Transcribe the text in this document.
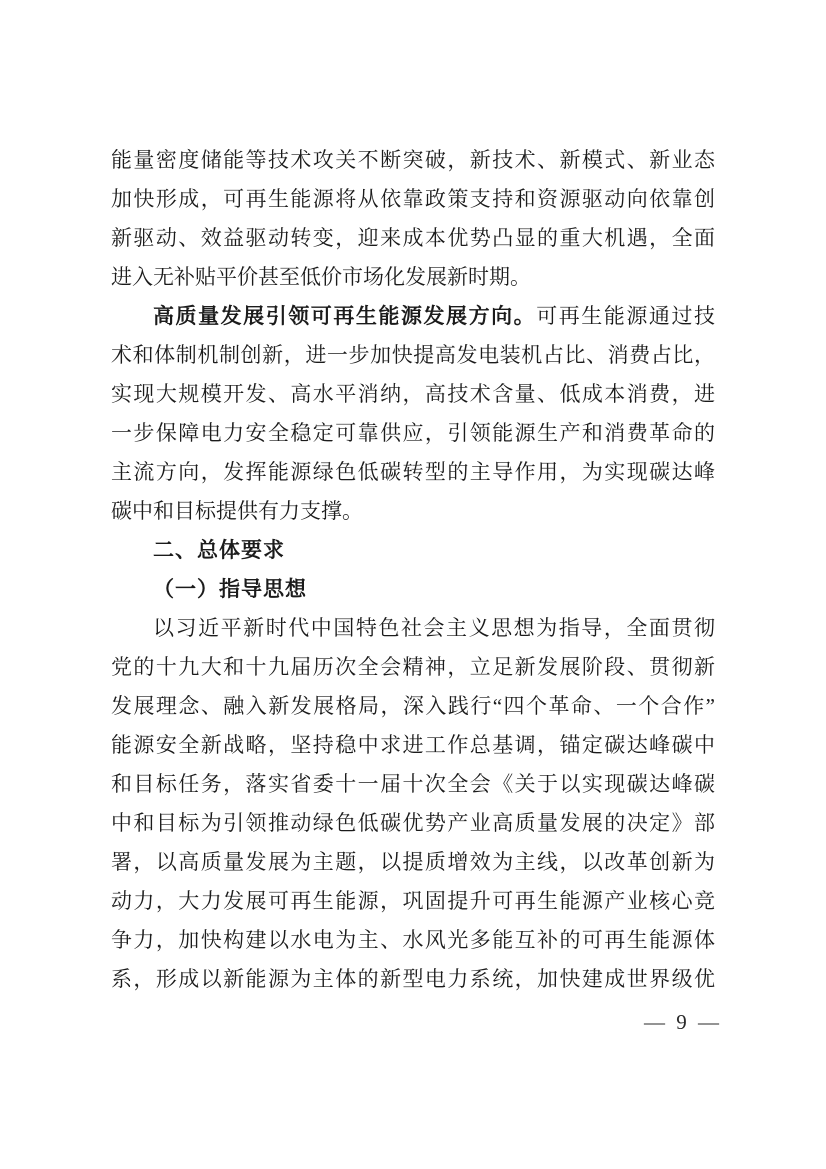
能量密度储能等技术攻关不断突破，新技术、新模式、新业态
加快形成，可再生能源将从依靠政策支持和资源驱动向依靠创
新驱动、效益驱动转变，迎来成本优势凸显的重大机遇，全面
进入无补贴平价甚至低价市场化发展新时期。
高质量发展引领可再生能源发展方向。可再生能源通过技
术和体制机制创新，进一步加快提高发电装机占比、消费占比，
实现大规模开发、高水平消纳，高技术含量、低成本消费，进
一步保障电力安全稳定可靠供应，引领能源生产和消费革命的
主流方向，发挥能源绿色低碳转型的主导作用，为实现碳达峰
碳中和目标提供有力支撑。
二、总体要求
（一）指导思想
以习近平新时代中国特色社会主义思想为指导，全面贯彻
党的十九大和十九届历次全会精神，立足新发展阶段、贯彻新
发展理念、融入新发展格局，深入践行“四个革命、一个合作”
能源安全新战略，坚持稳中求进工作总基调，锚定碳达峰碳中
和目标任务，落实省委十一届十次全会《关于以实现碳达峰碳
中和目标为引领推动绿色低碳优势产业高质量发展的决定》部
署，以高质量发展为主题，以提质增效为主线，以改革创新为
动力，大力发展可再生能源，巩固提升可再生能源产业核心竞
争力，加快构建以水电为主、水风光多能互补的可再生能源体
系，形成以新能源为主体的新型电力系统，加快建成世界级优
— 9 —
